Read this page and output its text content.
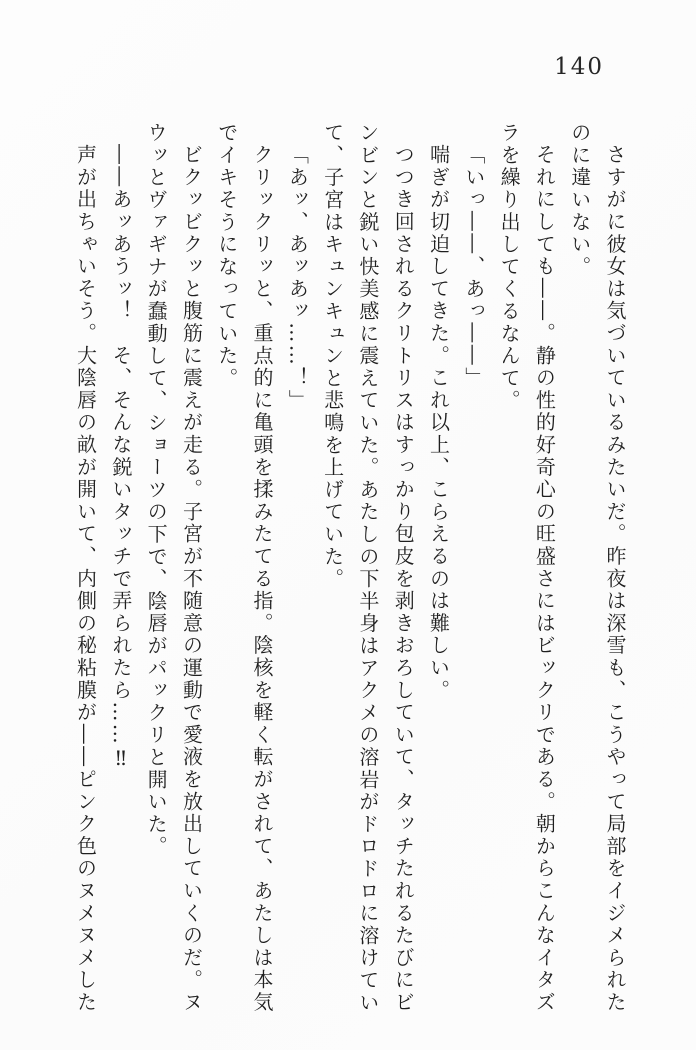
140

さすがに彼女は気づいているみたいだ。昨夜は深雪も、こうやって局部をイジメられた

のに違いない。

それにしても――。静の性的好奇心の旺盛さにはビックリである。朝からこんなイタズ

ラを繰り出してくるなんて。

「いっ――、あっ――」

喘ぎが切迫してきた。これ以上、こらえるのは難しい。

つつき回されるクリトリスはすっかり包皮を剥きおろしていて、タッチたれるたびにビ

ンビンと鋭い快美感に震えていた。あたしの下半身はアクメの溶岩がドロドロに溶けてい

て、子宮はキュンキュンと悲鳴を上げていた。

「あッ、あッあッ……！」

クリックリッと、重点的に亀頭を揉みたてる指。陰核を軽く転がされて、あたしは本気

でイキそうになっていた。

ビクッビクッと腹筋に震えが走る。子宮が不随意の運動で愛液を放出していくのだ。ヌ

ウッとヴァギナが蠢動して、ショーツの下で、陰唇がパックリと開いた。

――あッあうッ！　そ、そんな鋭いタッチで弄られたら……‼

声が出ちゃいそう。大陰唇の畝が開いて、内側の秘粘膜が――ピンク色のヌメヌメした
